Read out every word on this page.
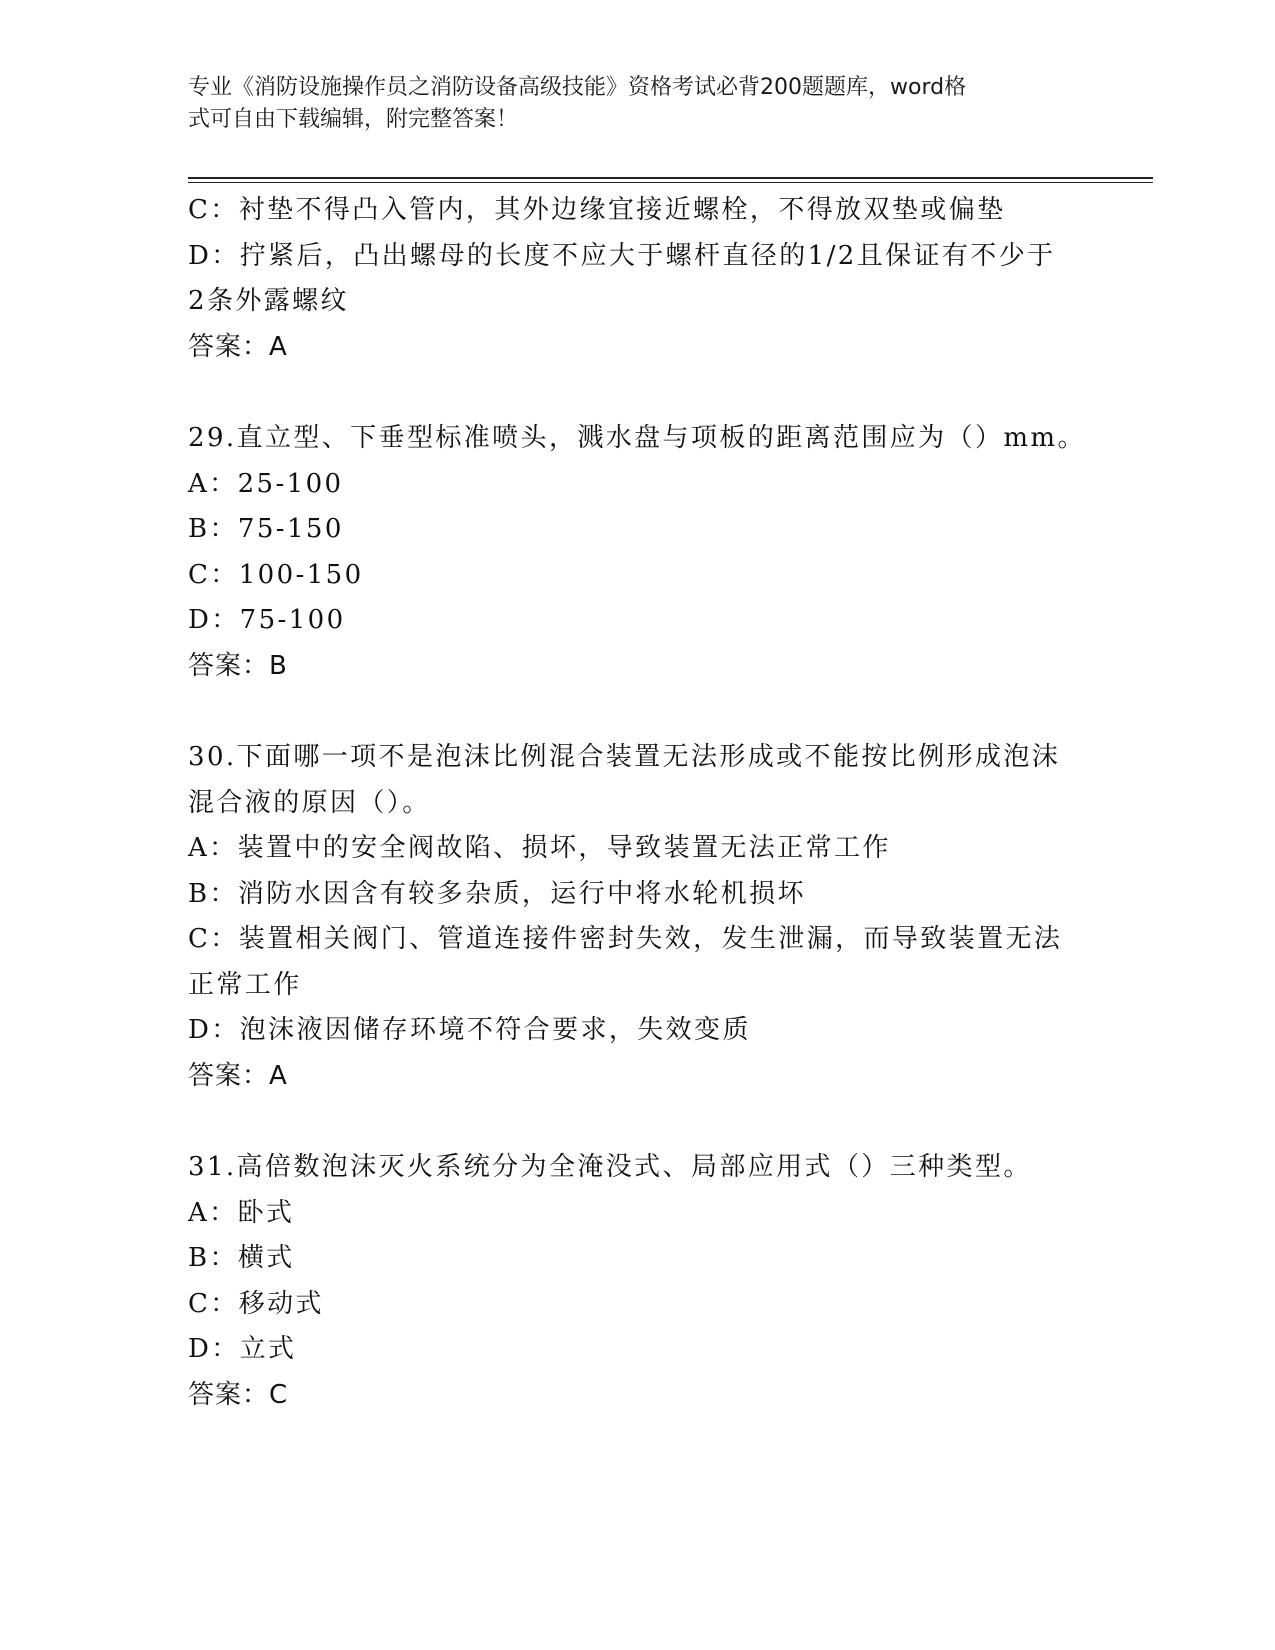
专业《消防设施操作员之消防设备高级技能》资格考试必背200题题库，word格
式可自由下载编辑，附完整答案！
C：衬垫不得凸入管内，其外边缘宜接近螺栓，不得放双垫或偏垫
D：拧紧后，凸出螺母的长度不应大于螺杆直径的1/2且保证有不少于
2条外露螺纹
答案：A
29.直立型、下垂型标准喷头，溅水盘与项板的距离范围应为（）mm。
A：25-100
B：75-150
C：100-150
D：75-100
答案：B
30.下面哪一项不是泡沫比例混合装置无法形成或不能按比例形成泡沫
混合液的原因（）。
A：装置中的安全阀故陷、损坏，导致装置无法正常工作
B：消防水因含有较多杂质，运行中将水轮机损坏
C：装置相关阀门、管道连接件密封失效，发生泄漏，而导致装置无法
正常工作
D：泡沫液因储存环境不符合要求，失效变质
答案：A
31.高倍数泡沫灭火系统分为全淹没式、局部应用式（）三种类型。
A：卧式
B：横式
C：移动式
D：立式
答案：C
